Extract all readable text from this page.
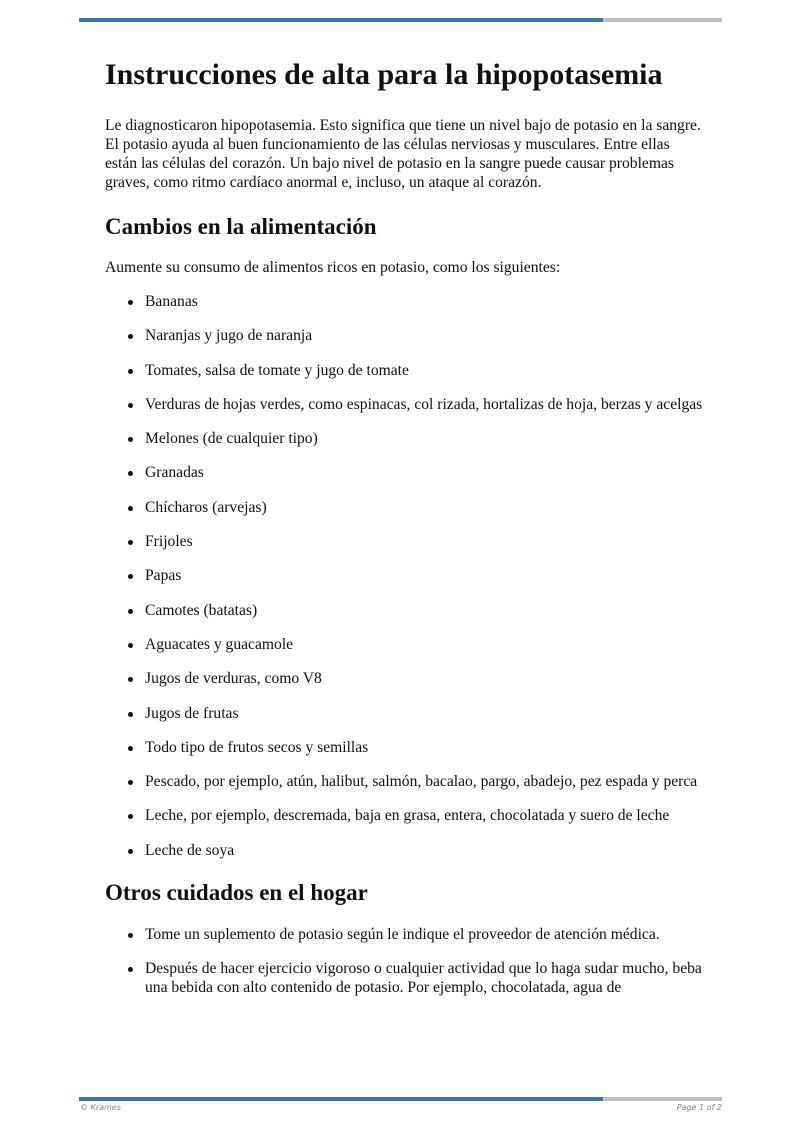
Instrucciones de alta para la hipopotasemia

Le diagnosticaron hipopotasemia. Esto significa que tiene un nivel bajo de potasio en la sangre. El potasio ayuda al buen funcionamiento de las células nerviosas y musculares. Entre ellas están las células del corazón. Un bajo nivel de potasio en la sangre puede causar problemas graves, como ritmo cardíaco anormal e, incluso, un ataque al corazón.

Cambios en la alimentación

Aumente su consumo de alimentos ricos en potasio, como los siguientes:

Bananas
Naranjas y jugo de naranja
Tomates, salsa de tomate y jugo de tomate
Verduras de hojas verdes, como espinacas, col rizada, hortalizas de hoja, berzas y acelgas
Melones (de cualquier tipo)
Granadas
Chícharos (arvejas)
Frijoles
Papas
Camotes (batatas)
Aguacates y guacamole
Jugos de verduras, como V8
Jugos de frutas
Todo tipo de frutos secos y semillas
Pescado, por ejemplo, atún, halibut, salmón, bacalao, pargo, abadejo, pez espada y perca
Leche, por ejemplo, descremada, baja en grasa, entera, chocolatada y suero de leche
Leche de soya
Otros cuidados en el hogar
Tome un suplemento de potasio según le indique el proveedor de atención médica.
Después de hacer ejercicio vigoroso o cualquier actividad que lo haga sudar mucho, beba una bebida con alto contenido de potasio. Por ejemplo, chocolatada, agua de
© Krames	Page 1 of 2
